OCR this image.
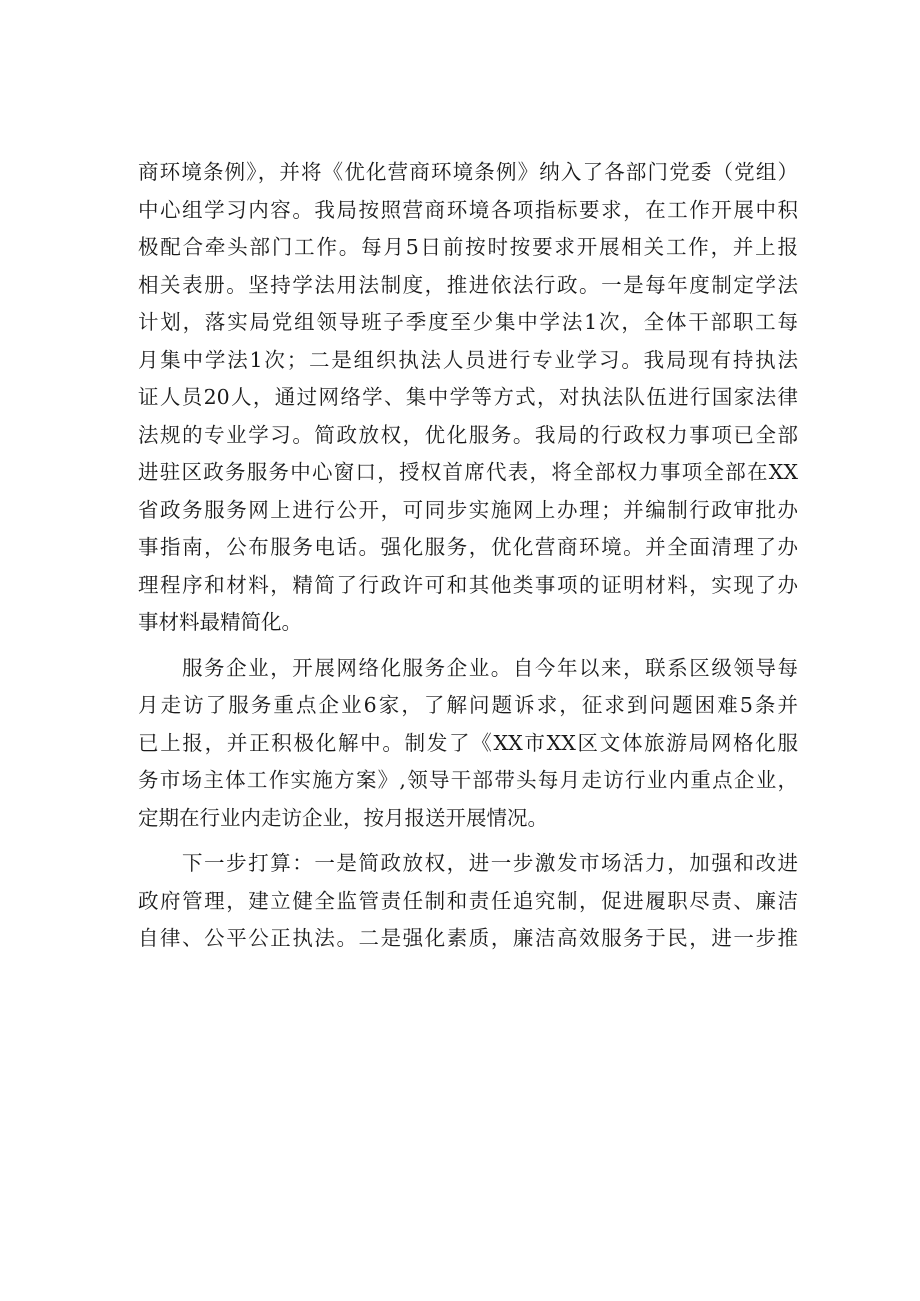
商环境条例》，并将《优化营商环境条例》纳入了各部门党委（党组）
中心组学习内容。我局按照营商环境各项指标要求，在工作开展中积
极配合牵头部门工作。每月5日前按时按要求开展相关工作，并上报
相关表册。坚持学法用法制度，推进依法行政。一是每年度制定学法
计划，落实局党组领导班子季度至少集中学法1次，全体干部职工每
月集中学法1次；二是组织执法人员进行专业学习。我局现有持执法
证人员20人，通过网络学、集中学等方式，对执法队伍进行国家法律
法规的专业学习。简政放权，优化服务。我局的行政权力事项已全部
进驻区政务服务中心窗口，授权首席代表，将全部权力事项全部在XX
省政务服务网上进行公开，可同步实施网上办理；并编制行政审批办
事指南，公布服务电话。强化服务，优化营商环境。并全面清理了办
理程序和材料，精简了行政许可和其他类事项的证明材料，实现了办
事材料最精简化。
服务企业，开展网络化服务企业。自今年以来，联系区级领导每
月走访了服务重点企业6家，了解问题诉求，征求到问题困难5条并
已上报，并正积极化解中。制发了《XX市XX区文体旅游局网格化服
务市场主体工作实施方案》,领导干部带头每月走访行业内重点企业，
定期在行业内走访企业，按月报送开展情况。
下一步打算：一是简政放权，进一步激发市场活力，加强和改进
政府管理，建立健全监管责任制和责任追究制，促进履职尽责、廉洁
自律、公平公正执法。二是强化素质，廉洁高效服务于民，进一步推
